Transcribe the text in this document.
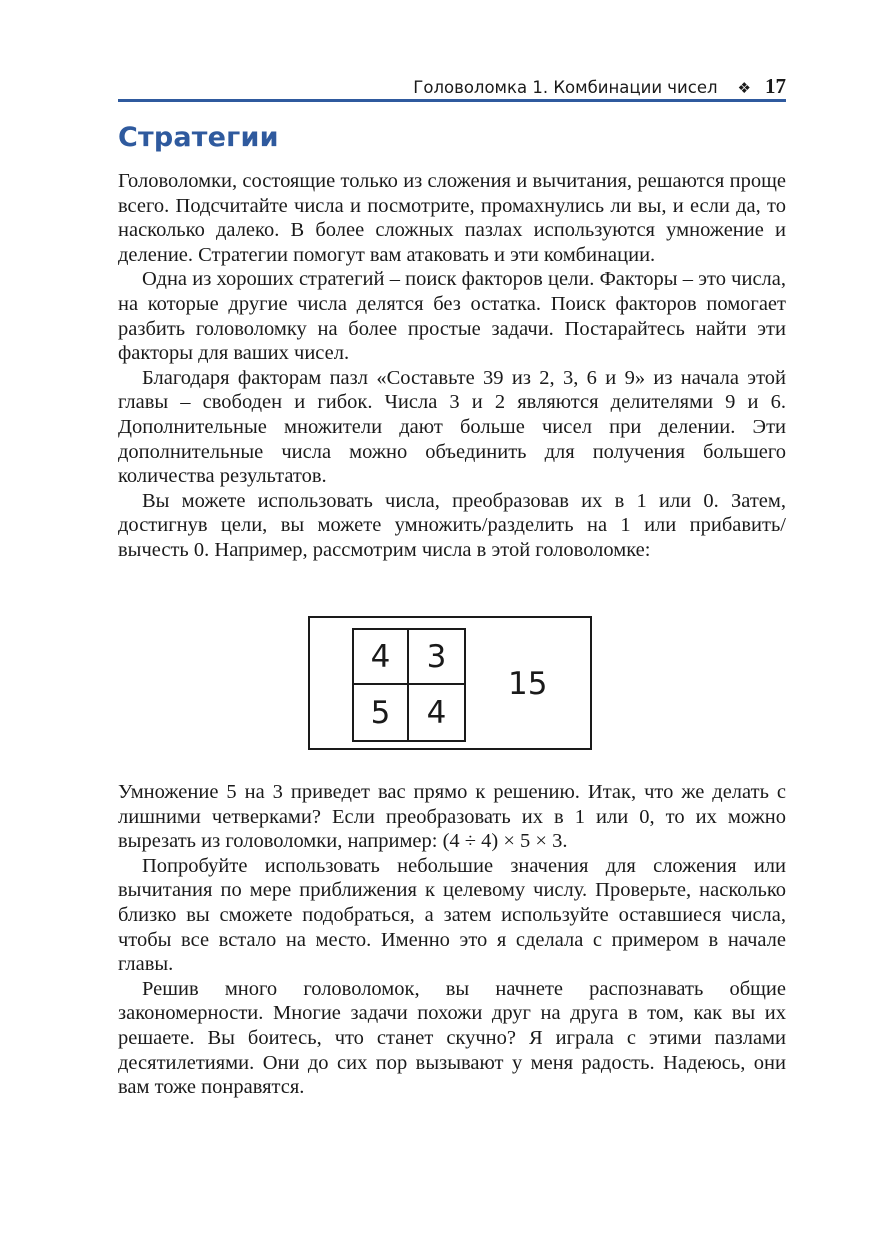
Головоломка 1. Комбинации чисел ❖ 17
Стратегии

Головоломки, состоящие только из сложения и вычитания, решаются проще всего. Подсчитайте числа и посмотрите, промахнулись ли вы, и если да, то насколько далеко. В более сложных пазлах используются умножение и деление. Стратегии помогут вам атаковать и эти комбинации.

Одна из хороших стратегий – поиск факторов цели. Факторы – это числа, на которые другие числа делятся без остатка. Поиск факторов помогает разбить головоломку на более простые задачи. Постарайтесь найти эти факторы для ваших чисел.

Благодаря факторам пазл «Составьте 39 из 2, 3, 6 и 9» из начала этой главы – свободен и гибок. Числа 3 и 2 являются делителями 9 и 6. Дополнительные множители дают больше чисел при делении. Эти дополнительные числа можно объединить для получения большего количества результатов.

Вы можете использовать числа, преобразовав их в 1 или 0. Затем, достигнув цели, вы можете умножить/разделить на 1 или прибавить/вычесть 0. Например, рассмотрим числа в этой головоломке:

4	3
5	4
15

Умножение 5 на 3 приведет вас прямо к решению. Итак, что же делать с лишними четверками? Если преобразовать их в 1 или 0, то их можно вырезать из головоломки, например: (4 ÷ 4) × 5 × 3.

Попробуйте использовать небольшие значения для сложения или вычитания по мере приближения к целевому числу. Проверьте, насколько близко вы сможете подобраться, а затем используйте оставшиеся числа, чтобы все встало на место. Именно это я сделала с примером в начале главы.

Решив много головоломок, вы начнете распознавать общие закономерности. Многие задачи похожи друг на друга в том, как вы их решаете. Вы боитесь, что станет скучно? Я играла с этими пазлами десятилетиями. Они до сих пор вызывают у меня радость. Надеюсь, они вам тоже понравятся.
